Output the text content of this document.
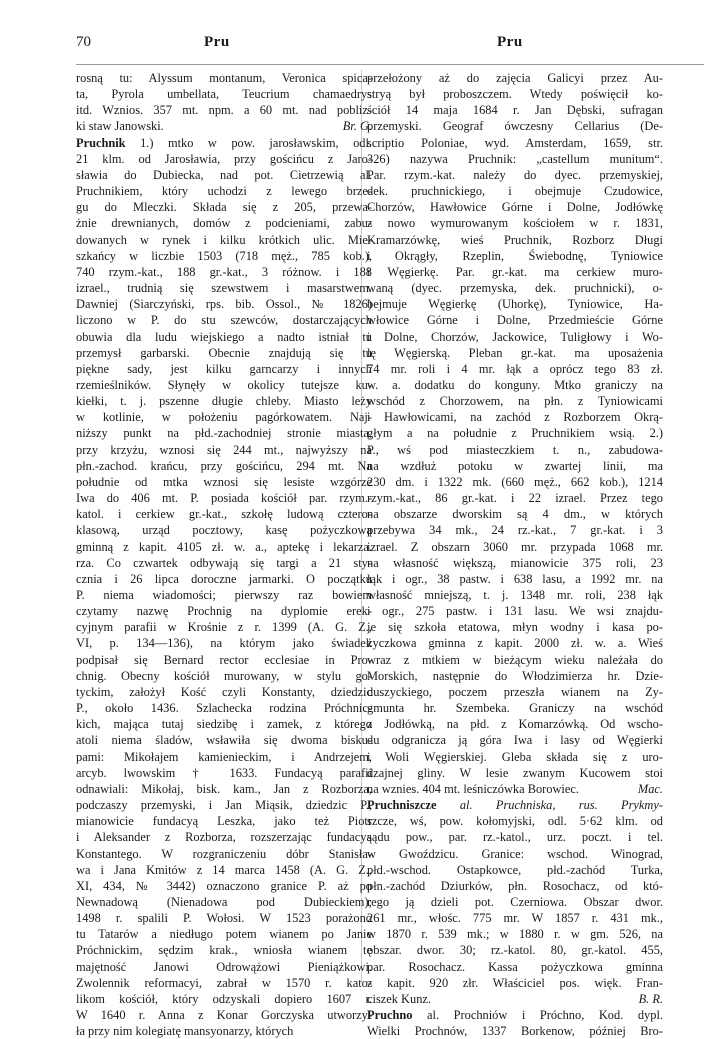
70	Pru	Pru
rosną tu: Alyssum montanum, Veronica spica-
ta, Pyrola umbellata, Teucrium chamaedrys
itd. Wznios. 357 mt. npm. a 60 mt. nad pobliz-
ki staw Janowski.	Br. G.
Pruchnik 1.) mtko w pow. jarosławskim, odl.
21 klm. od Jarosławia, przy gościńcu z Jaro-
sławia do Dubiecka, nad pot. Cietrzewią al.
Pruchnikiem, który uchodzi z lewego brze-
gu do Mleczki. Składa się z 205, przewa-
żnie drewnianych, domów z podcieniami, zabu-
dowanych w rynek i kilku krótkich ulic. Mie-
szkańcy w liczbie 1503 (718 męż., 785 kob.),
740 rzym.-kat., 188 gr.-kat., 3 różnow. i 188
izrael., trudnią się szewstwem i masarstwem.
Dawniej (Siarczyński, rps. bib. Ossol., № 1826)
liczono w P. do stu szewców, dostarczających
obuwia dla ludu wiejskiego a nadto istniał tu
przemysł garbarski. Obecnie znajdują się tu
piękne sady, jest kilku garncarzy i innych
rzemieślników. Słynęły w okolicy tutejsze ku-
kiełki, t. j. pszenne długie chleby. Miasto leży
w kotlinie, w położeniu pagórkowatem. Naj-
niższy punkt na płd.-zachodniej stronie miasta,
przy krzyżu, wznosi się 244 mt., najwyższy na
płn.-zachod. krańcu, przy gościńcu, 294 mt. Na
południe od mtka wznosi się lesiste wzgórze
Iwa do 406 mt. P. posiada kościół par. rzym.-
katol. i cerkiew gr.-kat., szkołę ludową cztero-
klasową, urząd pocztowy, kasę pożyczkową
gminną z kapit. 4105 zł. w. a., aptekę i lekarza.
rza. Co czwartek odbywają się targi a 21 sty-
cznia i 26 lipca doroczne jarmarki. O początku
P. niema wiadomości; pierwszy raz bowiem
czytamy nazwę Prochnig na dyplomie erek-
cyjnym parafii w Krośnie z r. 1399 (A. G. Z.,
VI, p. 134—136), na którym jako świadek
podpisał się Bernard rector ecclesiae in Pro-
chnig. Obecny kościół murowany, w stylu go-
tyckim, założył Kość czyli Konstanty, dziedzic
P., około 1436. Szlachecka rodzina Próchnic-
kich, mająca tutaj siedzibę i zamek, z którego
atoli niema śladów, wsławiła się dwoma bisku-
pami: Mikołajem kamienieckim, i Andrzejem,
arcyb. lwowskim † 1633. Fundacyą parafii
odnawiali: Mikołaj, bisk. kam., Jan z Rozborza,
podczaszy przemyski, i Jan Miąsik, dziedzic P.,
mianowicie fundacyą Leszka, jako też Piotr
i Aleksander z Rozborza, rozszerzając fundacyą
Konstantego. W rozgraniczeniu dóbr Stanisła-
wa i Jana Kmitów z 14 marca 1458 (A. G. Z.,
XI, 434, № 3442) oznaczono granice P. aż po
Newnadową (Nienadowa pod Dubieckiem);
1498 r. spalili P. Wołosi. W 1523 porażono
tu Tatarów a niedługo potem wianem po Janie
Próchnickim, sędzim krak., wniosła wianem tę
majętność Janowi Odrowążowi Pieniążkowi.
Zwolennik reformacyi, zabrał w 1570 r. kato-
likom kościół, który odzyskali dopiero 1607 r.
W 1640 r. Anna z Konar Gorczyska utworzy-
ła przy nim kolegiatę mansyonarzy, których
przełożony aż do zajęcia Galicyi przez Au-
stryą był proboszczem. Wtedy poświęcił ko-
ściół 14 maja 1684 r. Jan Dębski, sufragan
przemyski. Geograf ówczesny Cellarius (De-
scriptio Poloniae, wyd. Amsterdam, 1659, str.
326) nazywa Pruchnik: „castellum munitum“.
Par. rzym.-kat. należy do dyec. przemyskiej,
dek. pruchnickiego, i obejmuje Czudowice,
Chorzów, Hawłowice Górne i Dolne, Jodłówkę
z nowo wymurowanym kościołem w r. 1831,
Kramarzówkę, wieś Pruchnik, Rozborz Długi
i Okrągły, Rzeplin, Świebodnę, Tyniowice
i Węgierkę. Par. gr.-kat. ma cerkiew muro-
waną (dyec. przemyska, dek. pruchnicki), o-
bejmuje Węgierkę (Uhorkę), Tyniowice, Ha-
włowice Górne i Dolne, Przedmieście Górne
i Dolne, Chorzów, Jackowice, Tuligłowy i Wo-
lę Węgierską. Pleban gr.-kat. ma uposażenia
74 mr. roli i 4 mr. łąk a oprócz tego 83 zł.
w. a. dodatku do konguny. Mtko graniczy na
wschód z Chorzowem, na płn. z Tyniowicami
i Hawłowicami, na zachód z Rozborzem Okrą-
głym a na południe z Pruchnikiem wsią. 2.)
P., wś pod miasteczkiem t. n., zabudowa-
na wzdłuż potoku w zwartej linii, ma
230 dm. i 1322 mk. (660 męż., 662 kob.), 1214
rzym.-kat., 86 gr.-kat. i 22 izrael. Przez tego
na obszarze dworskim są 4 dm., w których
przebywa 34 mk., 24 rz.-kat., 7 gr.-kat. i 3
izrael. Z obszarn 3060 mr. przypada 1068 mr.
na własność większą, mianowicie 375 roli, 23
łąk i ogr., 38 pastw. i 638 lasu, a 1992 mr. na
własność mniejszą, t. j. 1348 mr. roli, 238 łąk
i ogr., 275 pastw. i 131 lasu. We wsi znajdu-
je się szkoła etatowa, młyn wodny i kasa po-
życzkowa gminna z kapit. 2000 zł. w. a. Wieś
wraz z mtkiem w bieżącym wieku należała do
Morskich, następnie do Włodzimierza hr. Dzie-
duszyckiego, poczem przeszła wianem na Zy-
gmunta hr. Szembeka. Graniczy na wschód
z Jodłówką, na płd. z Komarzówką. Od wscho-
du odgranicza ją góra Iwa i lasy od Węgierki
i Woli Węgierskiej. Gleba składa się z uro-
dzajnej gliny. W lesie zwanym Kucowem stoi
na wznies. 404 mt. leśniczówka Borowiec.	Mac.
Pruchniszcze al. Pruchniska, rus. Prykmy-
szcze, wś, pow. kołomyjski, odl. 5·62 klm. od
sądu pow., par. rz.-katol., urz. poczt. i tel.
w Gwoździcu. Granice: wschod. Winograd,
płd.-wschod. Ostapkowce, płd.-zachód Turka,
płn.-zachód Dziurków, płn. Rosochacz, od któ-
rego ją dzieli pot. Czerniowa. Obszar dwor.
261 mr., włośc. 775 mr. W 1857 r. 431 mk.,
w 1870 r. 539 mk.; w 1880 r. w gm. 526, na
obszar. dwor. 30; rz.-katol. 80, gr.-katol. 455,
par. Rosochacz. Kassa pożyczkowa gminna
z kapit. 920 złr. Właściciel pos. więk. Fran-
ciszek Kunz.	B. R.
Pruchno al. Prochniów i Próchno, Kod. dypl.
Wielki Prochnów, 1337 Borkenow, później Bro-
